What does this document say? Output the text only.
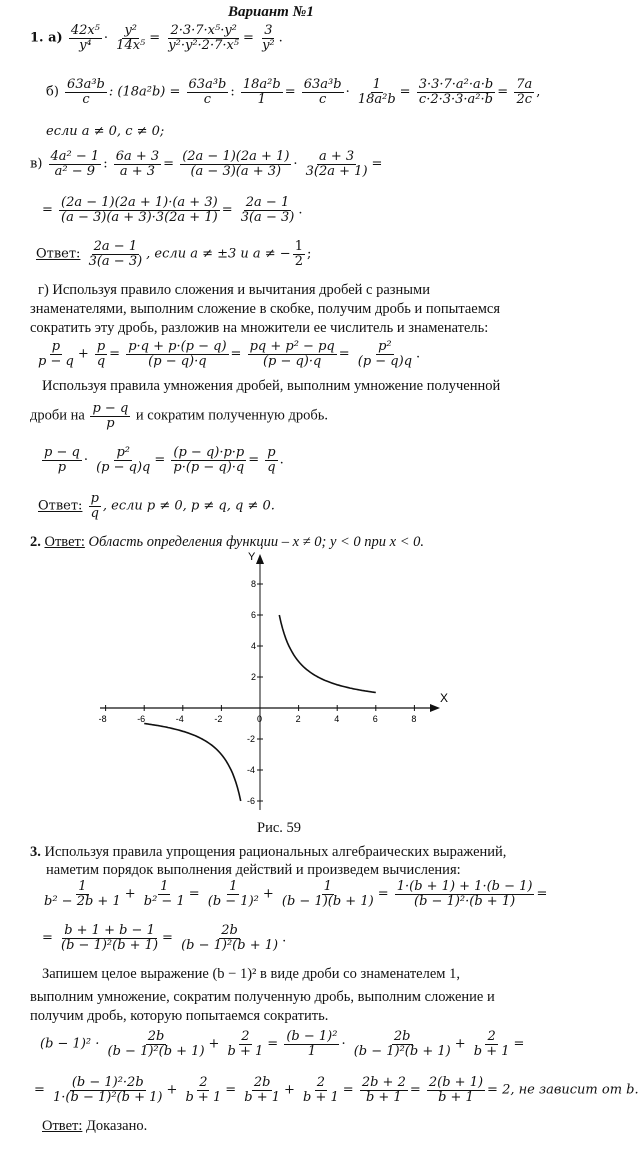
Вариант №1
1. $а) \frac{\text{42x⁵}}{\text{y⁴}} \cdot \frac{\text{y²}}{\text{14x⁵}} = \frac{\text{2·3·7·x⁵·y²}}{\text{y²·y²·2·7·x⁵}} = \frac{3}{\text{y²}}$ .
$б) \frac{\text{63a³b}}{c}$ : $(18a^2b) = \frac{\text{63a³b}}{c}$ : $\frac{\text{18a²b}}{1} = \frac{\text{63a³b}}{c} \cdot \frac{1}{\text{18a²b}} = \frac{\text{3·3·7·a²·a·b}}{\text{c·2·3·3·a²·b}} = \frac{7a}{2c}$ ,
если a ≠ 0, c ≠ 0;
$в) \frac{\text{4a² − 1}}{\text{a² − 9}}$ : $\frac{6a + 3}{a + 3} = \frac{(2a - 1)(2a + 1)}{(a - 3)(a + 3)} \cdot \frac{a + 3}{3(2a + 1)}$ =
= $\frac{(2a - 1)(2a + 1)\cdot(a + 3)}{(a - 3)(a + 3)\cdot 3(2a + 1)} = \frac{2a - 1}{3(a - 3)}$ .
Ответ: $\frac{2a - 1}{3(a - 3)}$ , если a ≠ ±3 и a ≠ − $\frac{1}{2}$ ;
г) Используя правило сложения и вычитания дробей с разными
знаменателями, выполним сложение в скобке, получим дробь и попытаемся
сократить эту дробь, разложив на множители ее числитель и знаменатель:
$\frac{p}{p - q} + \frac{p}{q} = \frac{p\cdot q + p\cdot(p - q)}{(p - q)\cdot q} = \frac{\text{pq + p² − pq}}{(p - q)\cdot q} = \frac{\text{p²}}{(p - q)q}$ .
Используя правила умножения дробей, выполним умножение полученной
дроби на $\frac{p - q}{p}$ и сократим полученную дробь.
$\frac{p - q}{p} \cdot \frac{\text{p²}}{(p - q)q} = \frac{(p - q)\cdot p\cdot p}{p\cdot(p - q)\cdot q} = \frac{p}{q}$ .
Ответ: $\frac{p}{q}$ , если p ≠ 0, p ≠ q, q ≠ 0.
2. Ответ: Область определения функции – x ≠ 0; y < 0 при x < 0.
X
Y
-8	-6	-4	-2	0	2	4	6	8
8
6
4
2
-2
-4
-6
Рис. 59
3. Используя правила упрощения рациональных алгебраических выражений,
наметим порядок выполнения действий и произведем вычисления:
$\frac{1}{\text{b² − 2b + 1}} + \frac{1}{\text{b² − 1}} = \frac{1}{\text{(b − 1)²}} + \frac{1}{(b - 1)(b + 1)} = \frac{1\cdot(b + 1) + 1\cdot(b - 1)}{\text{(b − 1)²·(b + 1)}}$ =
= $\frac{b + 1 + b - 1}{\text{(b − 1)²(b + 1)}} = \frac{2b}{\text{(b − 1)²(b + 1)}}$ .
Запишем целое выражение (b − 1)² в виде дроби со знаменателем 1,
выполним умножение, сократим полученную дробь, выполним сложение и
получим дробь, которую попытаемся сократить.
$(b - 1)^2 \cdot \frac{2b}{\text{(b − 1)²(b + 1)}} + \frac{2}{b + 1} = \frac{\text{(b − 1)²}}{1} \cdot \frac{2b}{\text{(b − 1)²(b + 1)}} + \frac{2}{b + 1}$ =
= $\frac{\text{(b − 1)²·2b}}{\text{1·(b − 1)²(b + 1)}} + \frac{2}{b + 1} = \frac{2b}{b + 1} + \frac{2}{b + 1} = \frac{2b + 2}{b + 1} = \frac{2(b + 1)}{b + 1} = 2$, не зависит от b.
Ответ: Доказано.
